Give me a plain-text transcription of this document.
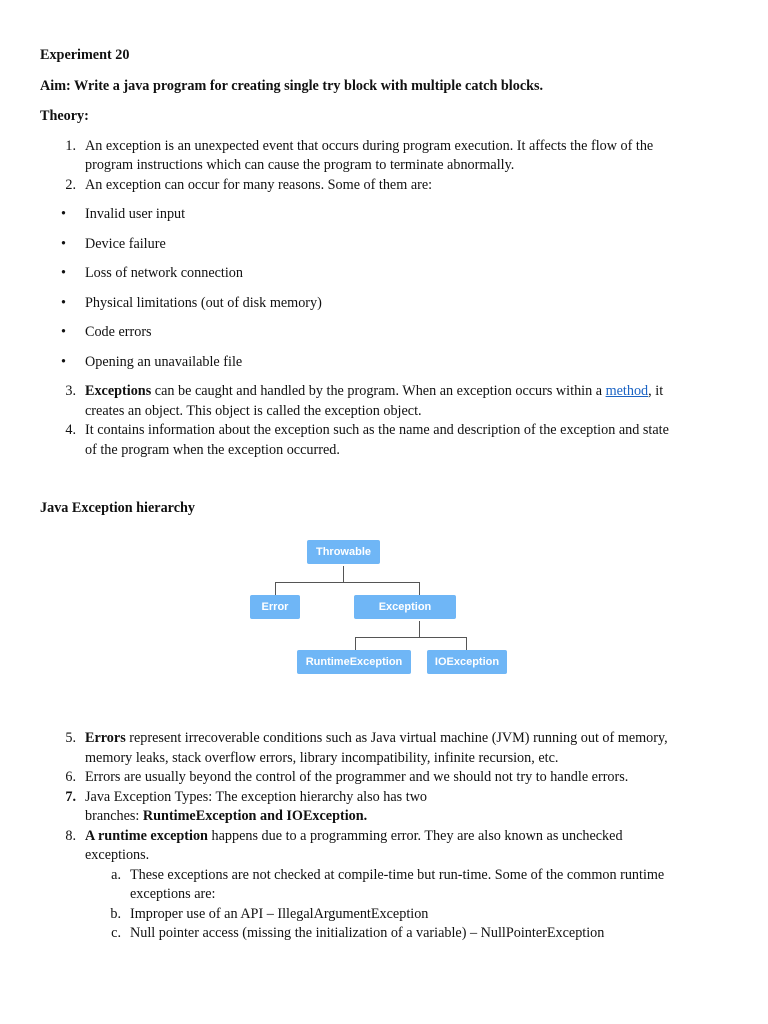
Experiment 20

Aim: Write a java program for creating single try block with multiple catch blocks.

Theory:

1. An exception is an unexpected event that occurs during program execution. It affects the flow of the
program instructions which can cause the program to terminate abnormally.
2. An exception can occur for many reasons. Some of them are:
• Invalid user input
• Device failure
• Loss of network connection
• Physical limitations (out of disk memory)
• Code errors
• Opening an unavailable file
3. Exceptions can be caught and handled by the program. When an exception occurs within a method, it
creates an object. This object is called the exception object.
4. It contains information about the exception such as the name and description of the exception and state
of the program when the exception occurred.

Java Exception hierarchy

Throwable
Error	Exception
RuntimeException	IOException
5. Errors represent irrecoverable conditions such as Java virtual machine (JVM) running out of memory,
memory leaks, stack overflow errors, library incompatibility, infinite recursion, etc.
6. Errors are usually beyond the control of the programmer and we should not try to handle errors.
7. Java Exception Types: The exception hierarchy also has two
branches: RuntimeException and IOException.
8. A runtime exception happens due to a programming error. They are also known as unchecked
exceptions.
a. These exceptions are not checked at compile-time but run-time. Some of the common runtime
exceptions are:
b. Improper use of an API – IllegalArgumentException
c. Null pointer access (missing the initialization of a variable) – NullPointerException
